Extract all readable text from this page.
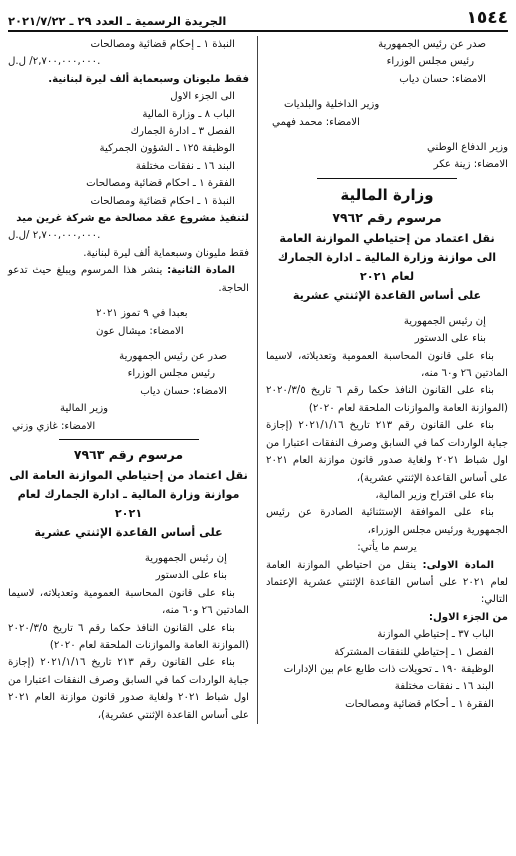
١٥٤٤
الجريدة الرسمية ـ العدد ٢٩ ـ ٢٠٢١/٧/٢٢

صدر عن رئيس الجمهورية

رئيس مجلس الوزراء

الامضاء: حسان دياب

وزير الداخلية والبلديات

الامضاء: محمد فهمي

وزير الدفاع الوطني

الامضاء: زينة عكر

وزارة المالية

مرسوم رقم ٧٩٦٢

نقل اعتماد من إحتياطي الموازنة العامة

الى موازنة وزارة المالية ـ ادارة الجمارك

لعام ٢٠٢١

على أساس القاعدة الإثنتي عشرية

إن رئيس الجمهورية

بناء على الدستور

بناء على قانون المحاسبة العمومية وتعديلاته، لاسيما المادتين ٢٦ و٦٠ منه،

بناء على القانون النافذ حكما رقم ٦ تاريخ ٢٠٢٠/٣/٥ (الموازنة العامة والموازنات الملحقة لعام ٢٠٢٠)

بناء على القانون رقم ٢١٣ تاريخ ٢٠٢١/١/١٦ (إجازة جباية الواردات كما في السابق وصرف النفقات اعتبارا من اول شباط ٢٠٢١ ولغاية صدور قانون موازنة العام ٢٠٢١ على أساس القاعدة الإثنتي عشرية)،

بناء على اقتراح وزير المالية،

بناء على الموافقة الإستثنائية الصادرة عن رئيس الجمهورية ورئيس مجلس الوزراء،

يرسم ما يأتي:

المادة الاولى: ينقل من احتياطي الموازنة العامة لعام ٢٠٢١ على أساس القاعدة الإثنتي عشرية الإعتماد التالي:

من الجزء الاول:

الباب ٣٧ ـ إحتياطي الموازنة

الفصل ١ ـ إحتياطي للنفقات المشتركة

الوظيفة ١٩٠ ـ تحويلات ذات طابع عام بين الإدارات

البند ١٦ ـ نفقات مختلفة

الفقرة ١ ـ أحكام قضائية ومصالحات

النبذة ١ ـ إحكام قضائية ومصالحات

٢,٧٠٠,٠٠٠,٠٠٠/ ل.ل.

فقط مليونان وسبعماية ألف ليرة لبنانية.

الى الجزء الاول

الباب ٨ ـ وزارة المالية

الفصل ٣ ـ ادارة الجمارك

الوظيفة ١٢٥ ـ الشؤون الجمركية

البند ١٦ ـ نفقات مختلفة

الفقرة ١ ـ احكام قضائية ومصالحات

النبذة ١ ـ احكام قضائية ومصالحات

لتنفيذ مشروع عقد مصالحة مع شركة غرين ميد

٢,٧٠٠,٠٠٠,٠٠٠ /ل.ل.

فقط مليونان وسبعماية ألف ليرة لبنانية.

المادة الثانية: ينشر هذا المرسوم ويبلغ حيث تدعو الحاجة.

بعبدا في ٩ تموز ٢٠٢١

الامضاء: ميشال عون

صدر عن رئيس الجمهورية

رئيس مجلس الوزراء

الامضاء: حسان دياب

وزير المالية

الامضاء: غازي وزني

مرسوم رقم ٧٩٦٣

نقل اعتماد من إحتياطي الموازنة العامة الى

موازنة وزارة المالية ـ ادارة الجمارك لعام ٢٠٢١

على أساس القاعدة الإثنتي عشرية

إن رئيس الجمهورية

بناء على الدستور

بناء على قانون المحاسبة العمومية وتعديلاته، لاسيما المادتين ٢٦ و٦٠ منه،

بناء على القانون النافذ حكما رقم ٦ تاريخ ٢٠٢٠/٣/٥ (الموازنة العامة والموازنات الملحقة لعام ٢٠٢٠)

بناء على القانون رقم ٢١٣ تاريخ ٢٠٢١/١/١٦ (إجازة جباية الواردات كما في السابق وصرف النفقات اعتبارا من اول شباط ٢٠٢١ ولغاية صدور قانون موازنة العام ٢٠٢١ على أساس القاعدة الإثنتي عشرية)،
